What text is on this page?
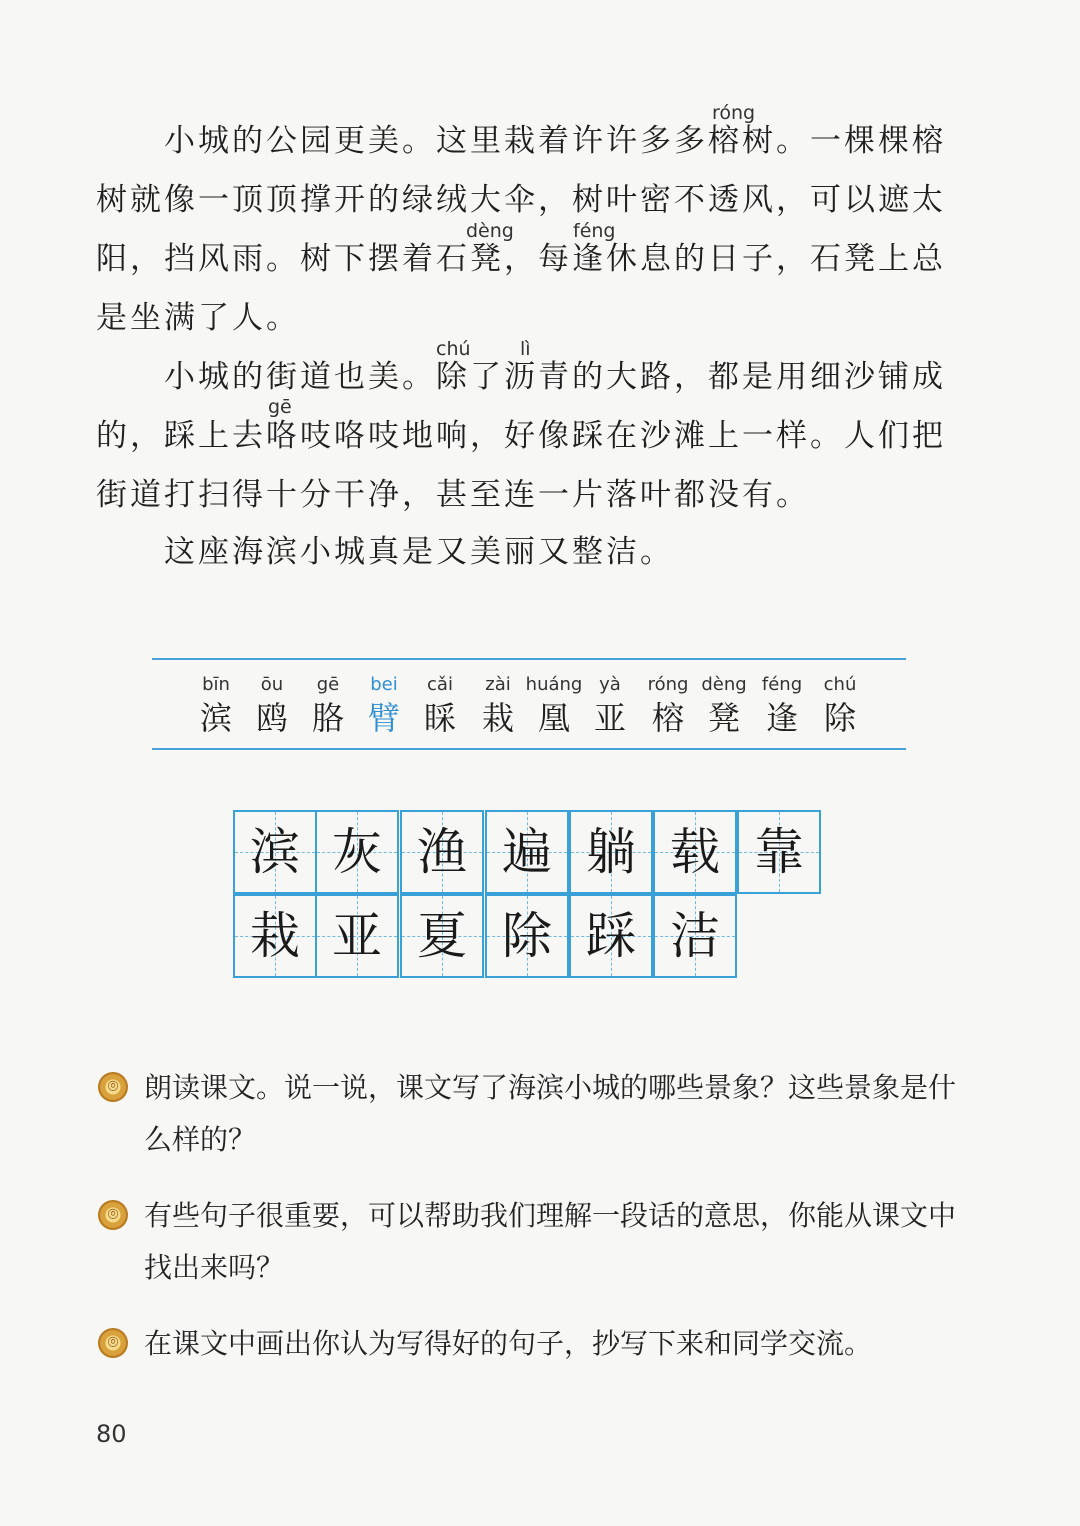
小城的公园更美。这里栽着许许多多榕树。一棵棵榕树就像一顶顶撑开的绿绒大伞，树叶密不透风，可以遮太阳，挡风雨。树下摆着石凳，每逢休息的日子，石凳上总是坐满了人。

小城的街道也美。除了沥青的大路，都是用细沙铺成的，踩上去咯吱咯吱地响，好像踩在沙滩上一样。人们把街道打扫得十分干净，甚至连一片落叶都没有。

这座海滨小城真是又美丽又整洁。

róng
dèng	féng
chú	lì
gē
bīn
滨
ōu
鸥
gē
胳
bei
臂
cǎi
睬
zài
栽
huáng
凰
yà
亚
róng
榕
dèng
凳
féng
逢
chú
除
滨 灰 渔 遍 躺 载 靠
栽 亚 夏 除 踩 洁
⌾
朗读课文。说一说，课文写了海滨小城的哪些景象？这些景象是什么样的？
⌾
有些句子很重要，可以帮助我们理解一段话的意思，你能从课文中找出来吗？
⌾
在课文中画出你认为写得好的句子，抄写下来和同学交流。
80
